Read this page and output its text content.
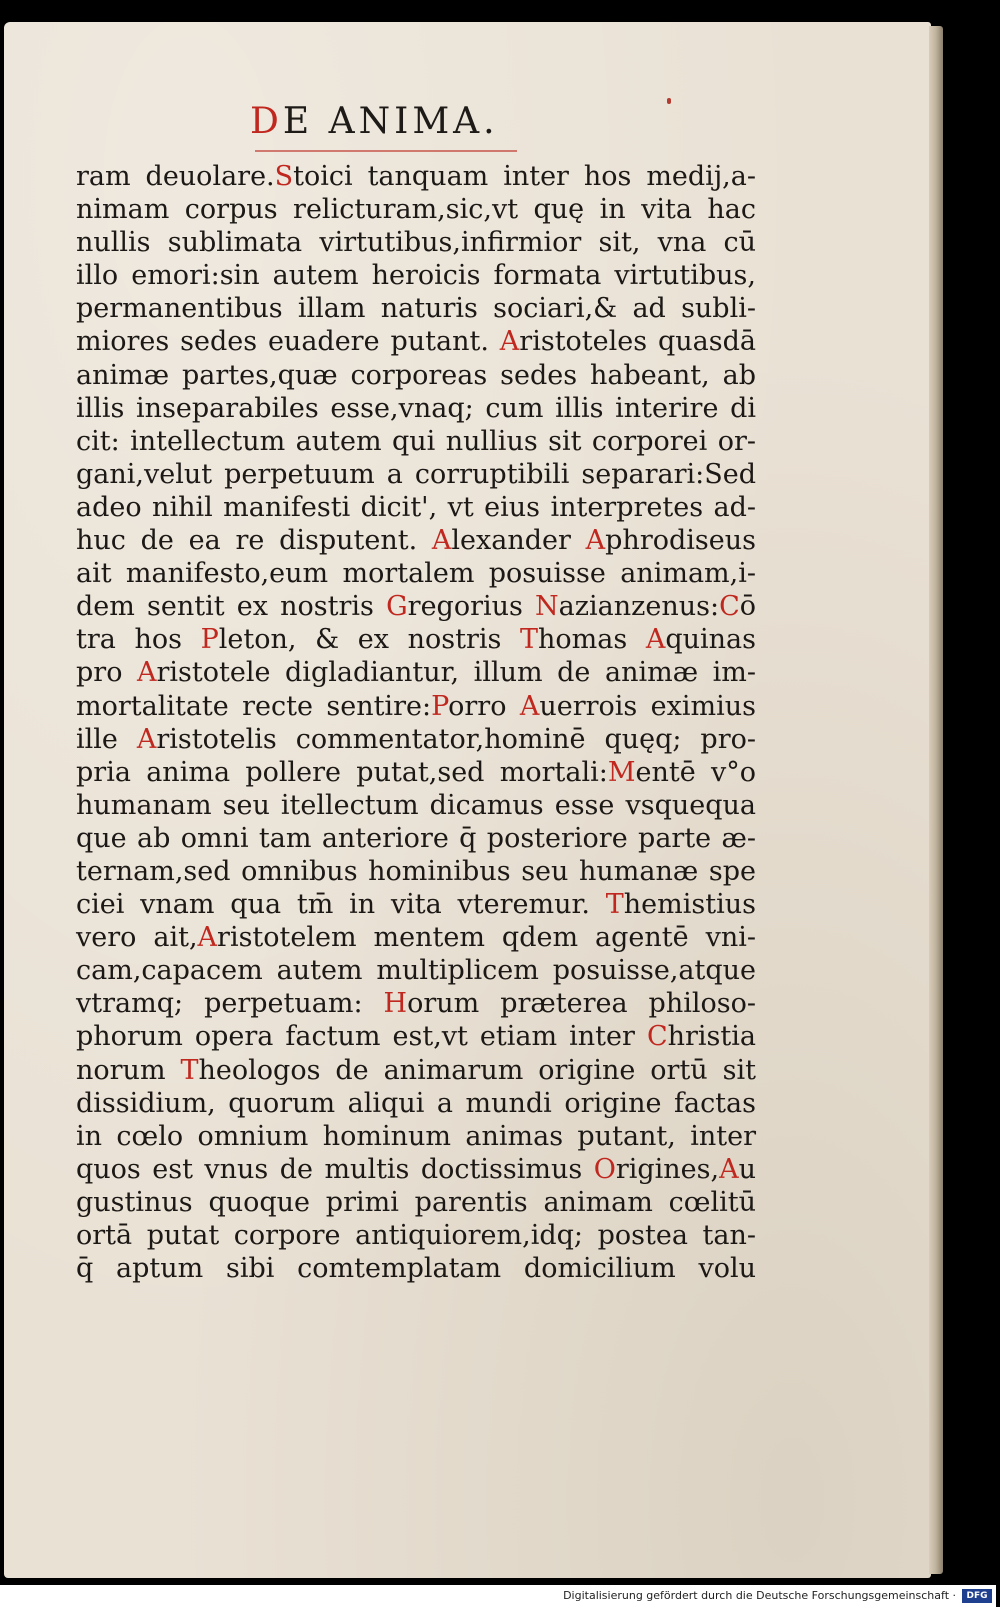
DE ANIMA.
ram deuolare.Stoici tanquam inter hos medij,a-
nimam corpus relicturam,sic,vt quę in vita hac
nullis sublimata virtutibus,infirmior sit, vna cū
illo emori:sin autem heroicis formata virtutibus,
permanentibus illam naturis sociari,& ad subli-
miores sedes euadere putant. Aristoteles quasdā
animæ partes,quæ corporeas sedes habeant, ab
illis inseparabiles esse,vnaq; cum illis interire di
cit: intellectum autem qui nullius sit corporei or-
gani,velut perpetuum a corruptibili separari:Sed
adeo nihil manifesti dicit', vt eius interpretes ad-
huc de ea re disputent. Alexander Aphrodiseus
ait manifesto,eum mortalem posuisse animam,i-
dem sentit ex nostris Gregorius Nazianzenus:Cō
tra hos Pleton, & ex nostris Thomas Aquinas
pro Aristotele digladiantur, illum de animæ im-
mortalitate recte sentire:Porro Auerrois eximius
ille Aristotelis commentator,hominē quęq; pro-
pria anima pollere putat,sed mortali:Mentē v°o
humanam seu itellectum dicamus esse vsquequa
que ab omni tam anteriore q̄ posteriore parte æ-
ternam,sed omnibus hominibus seu humanæ spe
ciei vnam qua tm̄ in vita vteremur. Themistius
vero ait,Aristotelem mentem qdem agentē vni-
cam,capacem autem multiplicem posuisse,atque
vtramq; perpetuam: Horum præterea philoso-
phorum opera factum est,vt etiam inter Christia
norum Theologos de animarum origine ortū sit
dissidium, quorum aliqui a mundi origine factas
in cœlo omnium hominum animas putant, inter
quos est vnus de multis doctissimus Origines,Au
gustinus quoque primi parentis animam cœlitū
ortā putat corpore antiquiorem,idq; postea tan-
q̄ aptum sibi comtemplatam domicilium volu
Digitalisierung gefördert durch die Deutsche Forschungsgemeinschaft ·	DFG
